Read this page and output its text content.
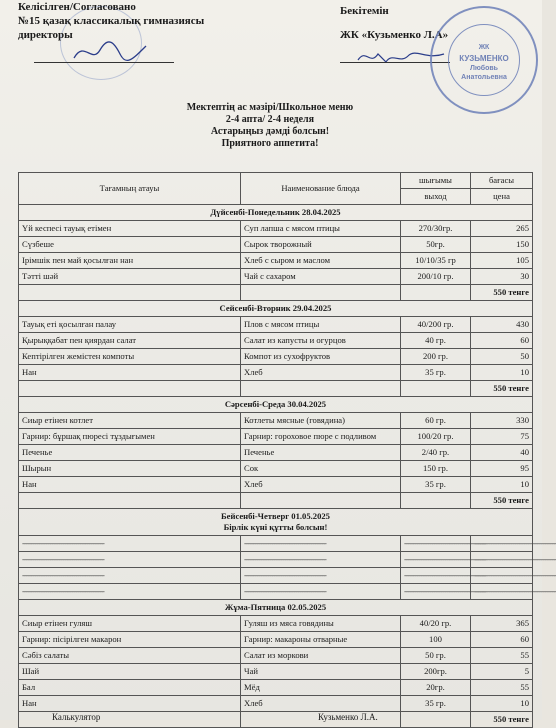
Келісілген/Согласовано
№15 қазақ классикалық гимназиясы
директоры
Бекітемін
ЖК «Кузьменко Л.А»
ЖК
КУЗЬМЕНКО
Любовь
Анатольевна
Мектептің ас мәзірі/Школьное меню
2-4 апта/ 2-4 неделя
Астарыңыз дәмді болсын!
Приятного аппетита!
Тағамның атауы	Наименование блюда	шығымы	бағасы
		выход	цена

Дүйсенбі-Понедельник 28.04.2025			

Үй кеспесі тауық етімен	Суп лапша с мясом птицы	270/30гр.	265
Сүзбеше	Сырок творожный	50гр.	150
Ірімшік пен май қосылған нан	Хлеб с сыром и маслом	10/10/35 гр	105
Тәтті шәй	Чай с сахаром	200/10 гр.	30
			550 тенге

Сейсенбі-Вторник 29.04.2025			

Тауық еті қосылған палау	Плов с мясом птицы	40/200 гр.	430
Қырыққабат пен қиярдан салат	Салат из капусты и огурцов	40 гр.	60
Кептірілген жемістен компоты	Компот из сухофруктов	200 гр.	50
Нан	Хлеб	35 гр.	10
			550 тенге

Сәрсенбі-Среда 30.04.2025			

Сиыр етінен котлет	Котлеты мясные (говядина)	60 гр.	330
Гарнир: бұршақ пюресі тұздығымен	Гарнир: гороховое пюре с подливом	100/20 гр.	75
Печенье	Печенье	2/40 гр.	40
Шырын	Сок	150 гр.	95
Нан	Хлеб	35 гр.	10
			550 тенге

Бейсенбі-Четверг 01.05.2025
Бірлік күні құтты болсын!			

--------------------------------------------	--------------------------------------------	--------------------------------------------	--------------------------------------------
--------------------------------------------	--------------------------------------------	--------------------------------------------	--------------------------------------------
--------------------------------------------	--------------------------------------------	--------------------------------------------	--------------------------------------------
--------------------------------------------	--------------------------------------------	--------------------------------------------	--------------------------------------------

Жұма-Пятница 02.05.2025			

Сиыр етінен гуляш	Гуляш из мяса говядины	40/20 гр.	365
Гарнир: пісірілген макарон	Гарнир: макароны отварные	100	60
Сәбіз салаты	Салат из моркови	50 гр.	55
Шай	Чай	200гр.	5
Бал	Мёд	20гр.	55
Нан	Хлеб	35 гр.	10
			550 тенге
Калькулятор	Кузьменко Л.А.
